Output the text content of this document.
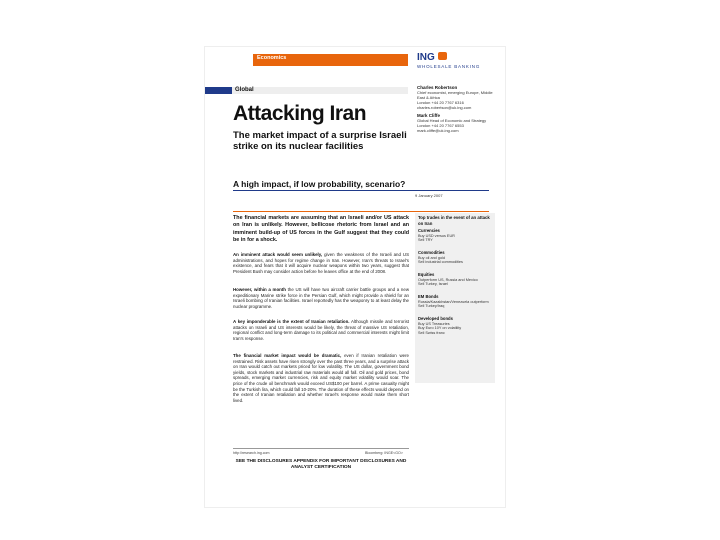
Economics	ING
WHOLESALE BANKING
Charles Robertson
Chief economist, emerging Europe, Middle East & Africa
London +44 20 7767 6316
charles.robertson@uk.ing.com
Mark Cliffe
Global Head of Economic and Strategy
London +44 20 7767 6553
mark.cliffe@uk.ing.com
Global
Attacking Iran
The market impact of a surprise Israeli strike on its nuclear facilities
A high impact, if low probability, scenario?
9 January 2007
Top trades in the event of an attack on Iran
Currencies
Buy USD versus EUR
Sell TRY
Commodities
Buy oil and gold
Sell industrial commodities
Equities
Outperform US, Russia and Mexico
Sell Turkey, Israel
EM Bonds
Russia/Kazakhstan/Venezuela outperform
Sell Turkey/Iraq
Developed bonds
Buy US Treasuries
Buy Euro 10Y on volatility
Sell Swiss franc
The financial markets are assuming that an Israeli and/or US attack on Iran is unlikely. However, bellicose rhetoric from Israel and an imminent build-up of US forces in the Gulf suggest that they could be in for a shock.
An imminent attack would seem unlikely, given the weakness of the Israeli and US administrations, and hopes for regime change in Iran. However, Iran's threats to Israel's existence, and fears that it will acquire nuclear weapons within two years, suggest that President Bush may consider action before he leaves office at the end of 2008.
However, within a month the US will have two aircraft carrier battle groups and a new expeditionary Marine strike force in the Persian Gulf, which might provide a shield for an Israeli bombing of Iranian facilities. Israel reportedly has the weaponry to at least delay the nuclear programme.
A key imponderable is the extent of Iranian retaliation. Although missile and terrorist attacks on Israeli and US interests would be likely, the threat of massive US retaliation, regional conflict and long-term damage to its political and commercial interests might limit Iran's response.
The financial market impact would be dramatic, even if Iranian retaliation were restrained. Risk assets have risen strongly over the past three years, and a surprise attack on Iran would catch out markets priced for low volatility. The US dollar, government bond yields, stock markets and industrial raw materials would all fall. Oil and gold prices, bond spreads, emerging market currencies, risk and equity market volatility would soar. The price of the crude oil benchmark would exceed US$100 per barrel. A prime casualty might be the Turkish lira, which could fall 10-20%. The duration of these effects would depend on the extent of Iranian retaliation and whether Israel's response would make them short lived.
http://research.ing.com	Bloomberg: INGE<GO>
SEE THE DISCLOSURES APPENDIX FOR IMPORTANT DISCLOSURES AND ANALYST CERTIFICATION
